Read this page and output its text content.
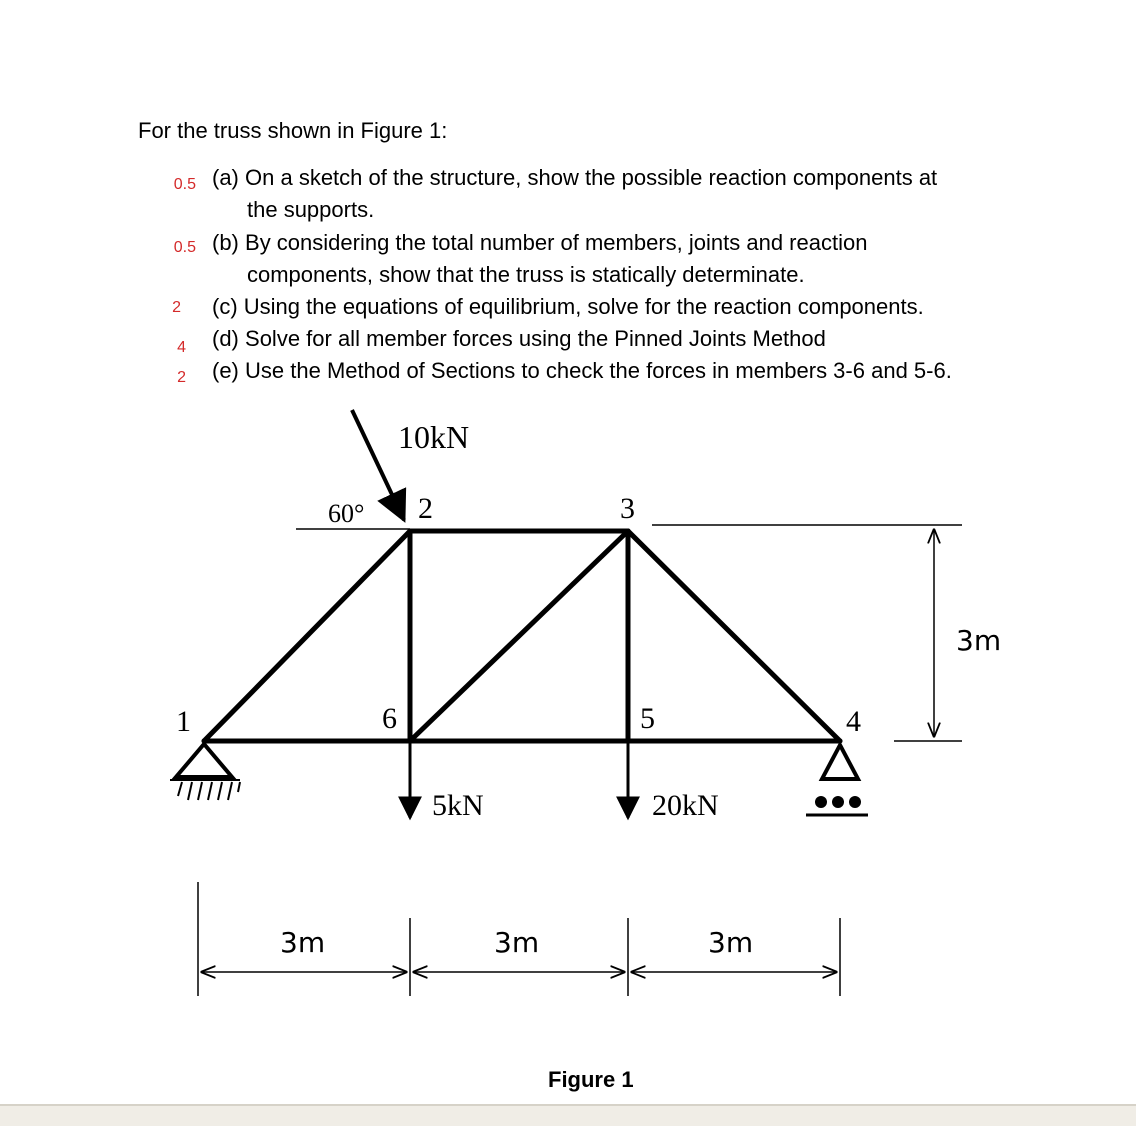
For the truss shown in Figure 1:
0.5 (a) On a sketch of the structure, show the possible reaction components at
the supports.
0.5 (b) By considering the total number of members, joints and reaction
components, show that the truss is statically determinate.
2 (c) Using the equations of equilibrium, solve for the reaction components.
4 (d) Solve for all member forces using the Pinned Joints Method
2 (e) Use the Method of Sections to check the forces in members 3-6 and 5-6.
10kN
60° 2	3
1	6	5	4
3m
5kN	20kN
3m	3m	3m
Figure 1
